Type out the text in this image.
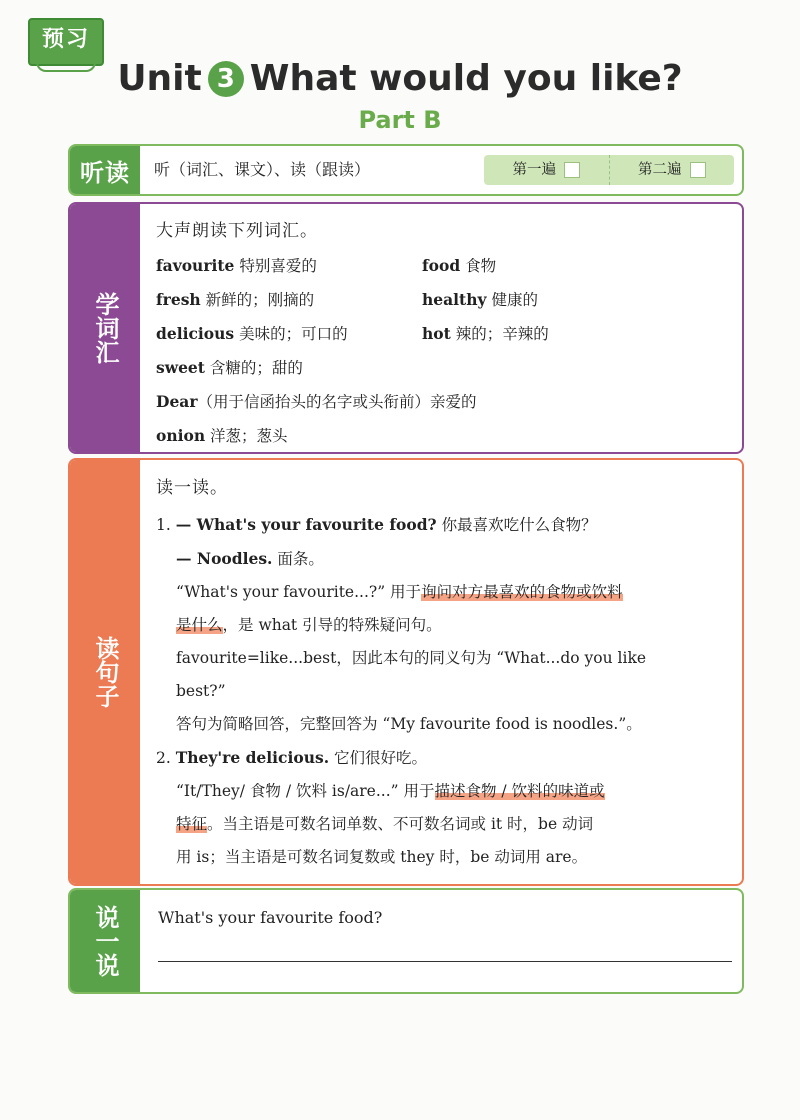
预习
Unit 3 What would you like?
Part B
听读	听（词汇、课文）、读（跟读）	第一遍	第二遍
学词汇
大声朗读下列词汇。
favourite 特别喜爱的	food 食物
fresh 新鲜的；刚摘的	healthy 健康的
delicious 美味的；可口的	hot 辣的；辛辣的
sweet 含糖的；甜的
Dear（用于信函抬头的名字或头衔前）亲爱的
onion 洋葱；葱头
读句子
读一读。
1. — What's your favourite food? 你最喜欢吃什么食物？
— Noodles. 面条。
“What's your favourite...?” 用于询问对方最喜欢的食物或饮料
是什么，是 what 引导的特殊疑问句。
favourite=like...best，因此本句的同义句为 “What...do you like
best?”
答句为简略回答，完整回答为 “My favourite food is noodles.”。
2. They're delicious. 它们很好吃。
“It/They/ 食物 / 饮料 is/are...” 用于描述食物 / 饮料的味道或
特征。当主语是可数名词单数、不可数名词或 it 时，be 动词
用 is；当主语是可数名词复数或 they 时，be 动词用 are。
说一说	What's your favourite food?
